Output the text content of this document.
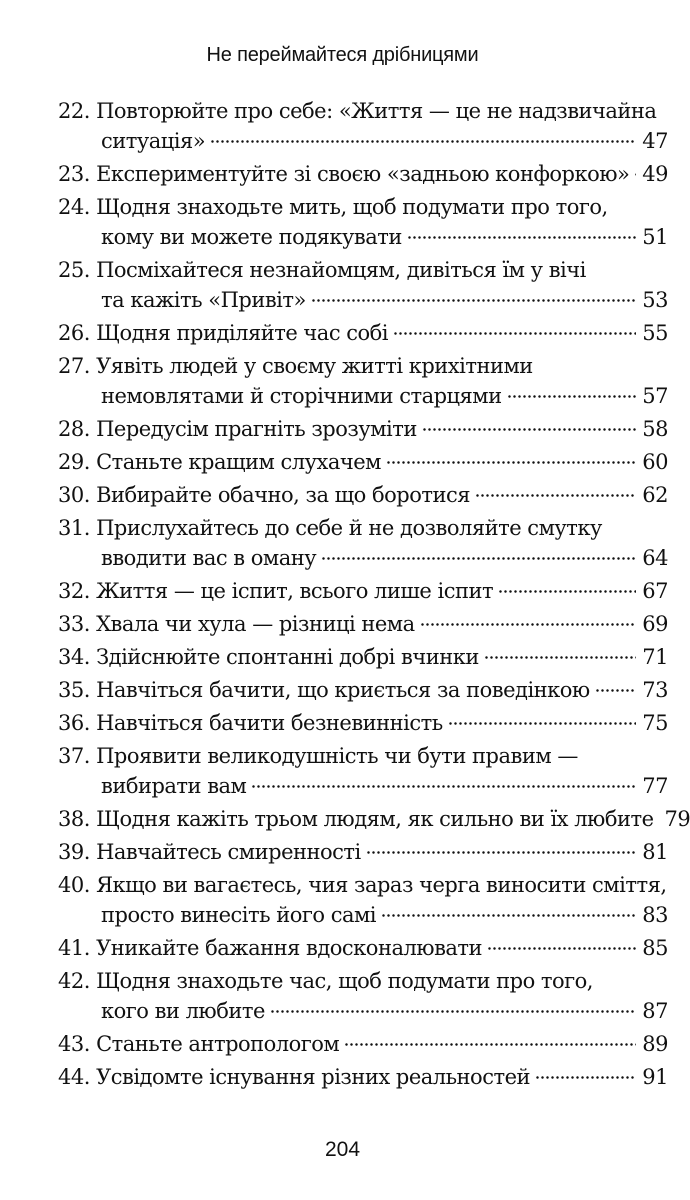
Не переймайтеся дрібницями
22. Повторюйте про себе: «Життя — це не надзвичайна
ситуація»	47
23. Експериментуйте зі своєю «задньою конфоркою» 49
24. Щодня знаходьте мить, щоб подумати про того,
кому ви можете подякувати	51
25. Посміхайтеся незнайомцям, дивіться їм у вічі
та кажіть «Привіт»	53
26. Щодня приділяйте час собі	55
27. Уявіть людей у своєму житті крихітними
немовлятами й сторічними старцями	57
28. Передусім прагніть зрозуміти	58
29. Станьте кращим слухачем	60
30. Вибирайте обачно, за що боротися	62
31. Прислухайтесь до себе й не дозволяйте смутку
вводити вас в оману	64
32. Життя — це іспит, всього лише іспит	67
33. Хвала чи хула — різниці нема	69
34. Здійснюйте спонтанні добрі вчинки	71
35. Навчіться бачити, що криється за поведінкою	73
36. Навчіться бачити безневинність	75
37. Проявити великодушність чи бути правим —
вибирати вам	77
38. Щодня кажіть трьом людям, як сильно ви їх любите 79
39. Навчайтесь смиренності	81
40. Якщо ви вагаєтесь, чия зараз черга виносити сміття,
просто винесіть його самі	83
41. Уникайте бажання вдосконалювати	85
42. Щодня знаходьте час, щоб подумати про того,
кого ви любите	87
43. Станьте антропологом	89
44. Усвідомте існування різних реальностей	91
204
